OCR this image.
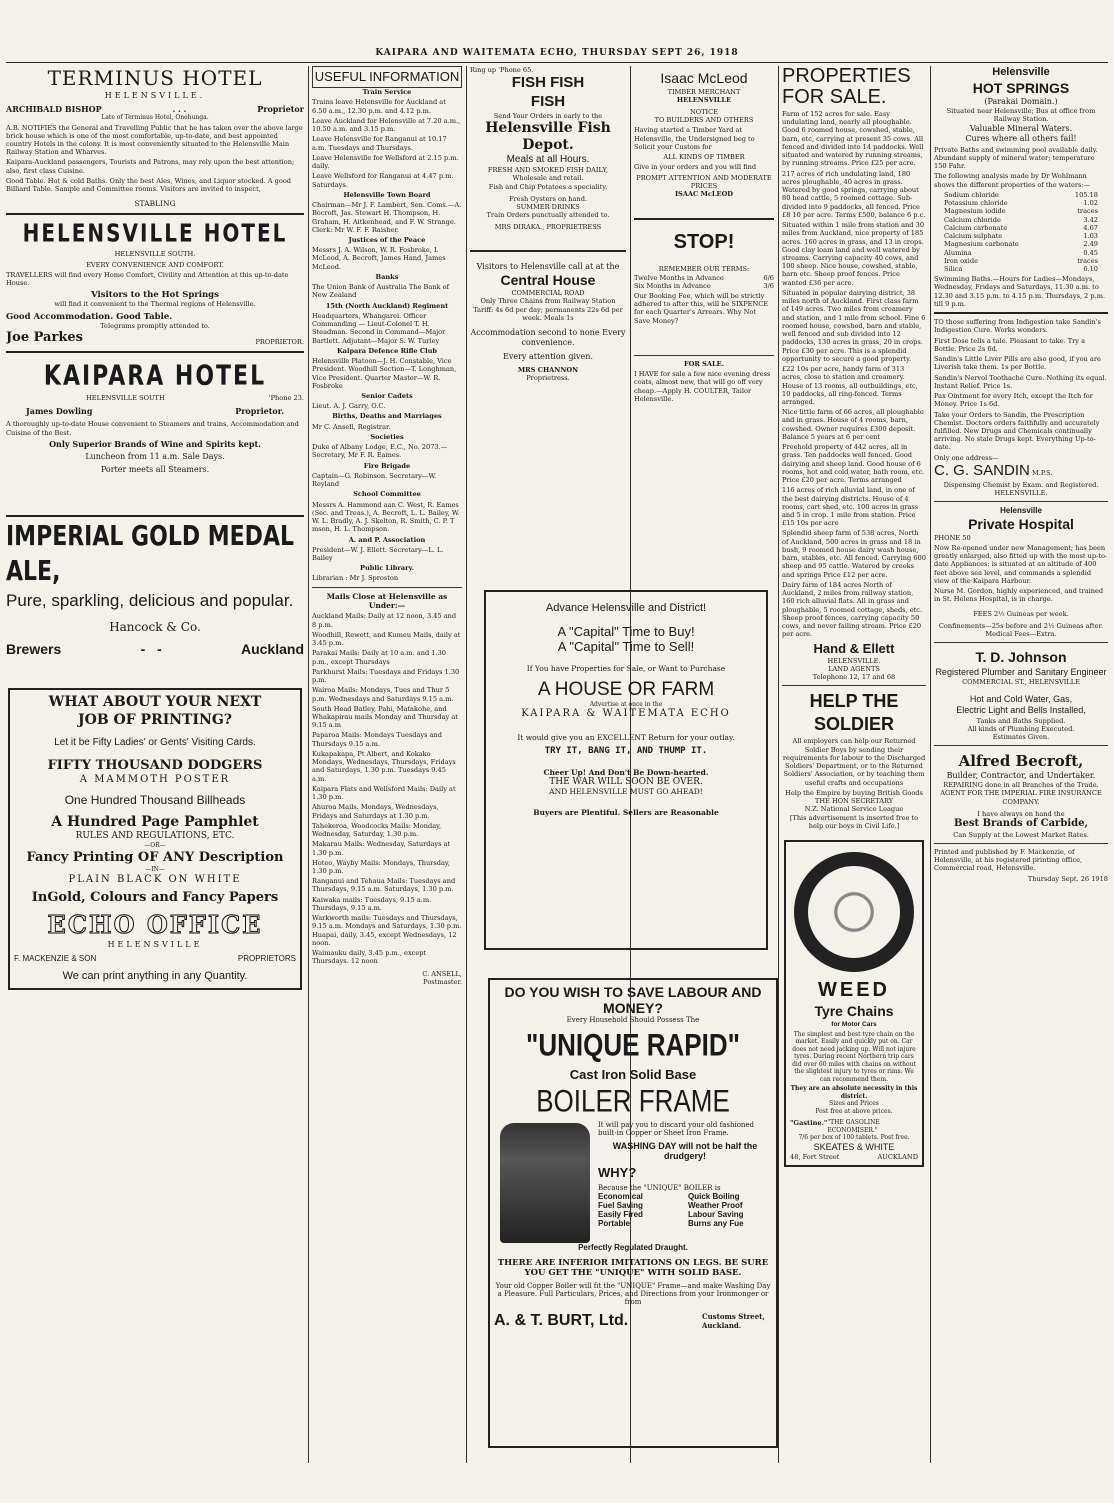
KAIPARA AND WAITEMATA ECHO, THURSDAY SEPT 26, 1918
TERMINUS HOTEL
HELENSVILLE.
ARCHIBALD BISHOP	. . .	Proprietor
Late of Terminus Hotel, Onehunga.

A.B. NOTIFIES the General and Travelling Public that he has taken over the above large brick house which is one of the most comfortable, up-to-date, and best appointed country Hotels in the colony. It is most conveniently situated to the Helensville Main Railway Station and Wharves.

Kaipara-Auckland passengers, Tourists and Patrons, may rely upon the best attention; also, first class Cuisine.

Good Table. Hot & cold Baths. Only the best Ales, Wines, and Liquor stocked. A good Billiard Table. Sample and Committee rooms. Visitors are invited to inspect,

STABLING
HELENSVILLE HOTEL
HELENSVILLE SOUTH.
EVERY CONVENIENCE AND COMFORT.

TRAVELLERS will find every Home Comfort, Civility and Attention at this up-to-date House.

Visitors to the Hot Springs
will find it convenient to the Thermal regions of Helensville.
Good Accommodation. Good Table.
Telegrams promptly attended to.
Joe Parkes	PROPRIETOR.
KAIPARA HOTEL
HELENSVILLE SOUTH	'Phone 23.
James Dowling	Proprietor.

A thoroughly up-to-date House convenient to Steamers and trains, Accommodation and Cuisine of the Best.

Only Superior Brands of Wine and Spirits kept.
Luncheon from 11 a.m. Sale Days.
Porter meets all Steamers.
IMPERIAL GOLD MEDAL ALE,
Pure, sparkling, delicious and popular.
Hancock & Co.
Brewers	-   -	Auckland
WHAT ABOUT YOUR NEXT
JOB OF PRINTING?
Let it be Fifty Ladies' or Gents' Visiting Cards.
FIFTY THOUSAND DODGERS
A MAMMOTH POSTER
One Hundred Thousand Billheads
A Hundred Page Pamphlet
RULES AND REGULATIONS, ETC.
—OR—
Fancy Printing OF ANY Description
—IN—
PLAIN BLACK ON WHITE
InGold, Colours and Fancy Papers
ECHO OFFICE
HELENSVILLE
F. MACKENZIE & SON	PROPRIETORS
We can print anything in any Quantity.
USEFUL INFORMATION
Train Service

Trains leave Helensville for Auckland at 6.50 a.m., 12.30 p.m. and 4.12 p.m.

Leave Auckland for Helensville at 7.20 a.m., 10.50 a.m. and 3.15 p.m.

Leave Helensville for Ranganui at 10.17 a.m. Tuesdays and Thursdays.

Leave Helensville for Wellsford at 2.15 p.m. daily.

Leave Wellsford for Ranganui at 4.47 p.m. Saturdays.

Helensville Town Board

Chairman—Mr J. F. Lambert, Sen. Coms.—A. Becroft, Jas. Stewart H. Thompson, H. Graham, H. Aitkenhead, and F. W. Strange. Clerk: Mr W. F. F. Raisher.

Justices of the Peace

Messrs J. A. Wilson, W. R. Fosbroke, I. McLeod, A. Becroft, James Hand, James McLeod.

Banks

The Union Bank of Australia The Bank of New Zealand

15th (North Auckland) Regiment

Headquarters, Whangarei. Officer Commanding — Lieut-Colonel T. H. Steadman. Second in Command—Major Bartlett. Adjutant—Major S. W. Turley

Kaipara Defence Rifle Club

Helensville Platoon—J. H. Constable, Vice President. Woodhill Section—T. Longhman, Vice President. Quarter Master—W. R. Fosbroke

Senior Cadets

Lieut. A. J. Garry, O.C.

Births, Deaths and Marriages

Mr C. Ansell, Registrar.

Societies

Duke of Albany Lodge, E.C., No. 2073.—Secretary, Mr F. R. Eames.

Fire Brigade

Captain—G. Robinson. Secretary—W. Reyland

School Committee

Messrs A. Hammond aan C. West, R. Eames (Sec. and Treas.), A. Becroft, L. L. Bailey, W. W. L. Bradly, A. J. Skelton, R. Smith, C. P. T mson, H. L. Thompson.

A. and P. Association

President—W. J. Ellett. Secretary—L. L. Bailey

Public Library.

Librarian : Mr J. Sproston

Mails Close at Helensville as Under:—

Auckland Mails: Daily at 12 noon, 3.45 and 8 p.m.

Woodhill, Rewett, and Kumeu Mails, daily at 3.45 p.m.

Parakai Mails: Daily at 10 a.m. and 1.30 p.m., except Thursdays

Parkhurst Mails: Tuesdays and Fridays 1.30 p.m.

Wairoa Mails: Mondays, Tues and Thur 5 p.m. Wednesdays and Saturdays 9.15 a.m.

South Head Batley, Pahi, Matakohe, and Whakapirau mails Monday and Thursday at 9.15 a.m

Paparoa Mails: Mondays Tuesdays and Thursdays 9.15 a.m.

Kukapakapa, Pt Albert, and Kokako Mondays, Wednesdays, Thursdays, Fridays and Saturdays, 1.30 p.m. Tuesdays 9.45 a.m.

Kaipara Flats and Wellsford Mails: Daily at 1.30 p.m.

Ahuroa Mails. Mondays, Wednesdays, Fridays and Saturdays at 1.30 p.m.

Tahekeroa, Woodcocks Mails: Monday, Wednesday, Saturday, 1.30 p.m.

Makarau Mails: Wednesday, Saturdays at 1.30 p.m.

Hoteo, Wayby Mails: Mondays, Thursday, 1.30 p.m.

Ranganui and Tehaua Mails: Tuesdays and Thursdays, 9.15 a.m. Saturdays, 1.30 p.m.

Kaiwaka mails: Tuesdays, 9.15 a.m. Thursdays, 9.15 a.m.

Warkworth mails: Tuesdays and Thursdays, 9.15 a.m. Mondays and Saturdays, 1.30 p.m. Huapai, daily, 3.45, except Wednesdays, 12 noon.

Waimauku daily, 3.45 p.m., except Thursdays. 12 noon

C. ANSELL,
Postmaster.
Ring up 'Phone 65.
FISH FISH
FISH
Send Your Orders in early to the
Helensville Fish Depot.
Meals at all Hours.
FRESH AND SMOKED FISH DAILY,
Wholesale and retail.
Fish and Chip Potatoes a speciality.
Fresh Oysters on hand.
SUMMER DRINKS
Train Orders punctually attended to.
MRS DIRAKA., PROPRIETRESS
Visitors to Helensville call at at the
Central House
COMMERCIAL ROAD
Only Three Chains from Railway Station
Tariff: 4s 6d per day; permanents 22s 6d per week. Meals 1s
Accommodation second to none Every convenience.
Every attention given.
MRS CHANNON
Proprietress.
Isaac McLeod
TIMBER MERCHANT
HELENSVILLE
NOTICE
TO BUILDERS AND OTHERS

Having started a Timber Yard at Helensville, the Undersigned beg to Solicit your Custom for

ALL KINDS OF TIMBER

Give in your orders and you will find

PROMPT ATTENTION AND MODERATE PRICES
ISAAC McLEOD
STOP!
REMEMBER OUR TERMS:
Twelve Months in Advance	6/6
Six Months in Advance	3/6

Our Booking Fee, which will be strictly adhered to after this, will be SIXPENCE for each Quarter's Arrears. Why Not Save Money?

FOR SALE.

I HAVE for sale a few nice evening dress coats, almost new, that will go off very cheap.—Apply H. COULTER, Tailor Helensville.

Advance Helensville and District!
A "Capital" Time to Buy!
A "Capital" Time to Sell!
If You have Properties for Sale, or Want to Purchase
A HOUSE OR FARM
Advertise at once in the
KAIPARA & WAITEMATA ECHO
It would give you an EXCELLENT Return for your outlay.
TRY IT, BANG IT, AND THUMP IT.
Cheer Up! And Don't Be Down-hearted.
THE WAR WILL SOON BE OVER.
AND HELENSVILLE MUST GO AHEAD!
Buyers are Plentiful. Sellers are Reasonable
DO YOU WISH TO SAVE LABOUR AND MONEY?
Every Household Should Possess The
"UNIQUE RAPID"
Cast Iron Solid Base
BOILER FRAME
It will pay you to discard your old fashioned built-in Copper or Sheet Iron Frame.
WASHING DAY will not be half the drudgery!
WHY?
Because the "UNIQUE" BOILER is
Economical	Quick Boiling
Fuel Saving	Weather Proof
Easily Fired	Labour Saving
Portable	Burns any Fue
Perfectly Regulated Draught.
THERE ARE INFERIOR IMITATIONS ON LEGS. BE SURE YOU GET THE "UNIQUE" WITH SOLID BASE.
Your old Copper Boiler will fit the "UNIQUE" Frame—and make Washing Day a Pleasure. Full Particulars, Prices, and Directions from your Ironmonger or from
A. & T. BURT, Ltd.	Customs Street, Auckland.
PROPERTIES FOR SALE.

Farm of 152 acres for sale. Easy undulating land, nearly all ploughable. Good 6 roomed house, cowshed, stable, barn, etc, carrying at present 35 cows. All fenced and divided into 14 paddocks. Well situated and watered by running streams, by running streams. Price £25 per acre.

217 acres of rich undulating land, 180 acres ploughable, 40 acres in grass. Watered by good springs, carrying about 80 head cattle, 5 roomed cottage. Sub-divided into 9 paddocks, all fenced. Price £8 10 per acre. Terms £500, balance 6 p.c.

Situated within 1 mile from station and 30 miles from Auckland, nice property of 185 acres. 160 acres in grass, and 13 in crops. Good clay loam land and well watered by streams. Carrying capacity 40 cows, and 100 sheep. Nice house, cowshed, stable, barn etc. Sheep proof fences. Price wanted £36 per acre.

Situated in popular dairying district, 38 miles north of Auckland. First class farm of 149 acres. Two miles from creamery and station, and 1 mile from school. Fine 6 roomed house, cowshed, barn and stable, well fenced and sub divided into 12 paddocks, 130 acres in grass, 20 in crops. Price £30 per acre. This is a splendid opportunity to secure a good property.

£22 10s per acre, handy farm of 313 acres, close to station and creamery. House of 13 rooms, all outbuildings, etc, 10 paddocks, all ring-fenced. Terms arranged.

Nice little farm of 66 acres, all ploughable and in grass. House of 4 rooms, barn, cowshed. Owner requires £300 deposit. Balance 5 years at 6 per cent

Freehold property of 442 acres, all in grass. Ten paddocks well fenced. Good dairying and sheep land. Good house of 6 rooms, hot and cold water, bath room, etc. Price £20 per acre. Terms arranged

116 acres of rich alluvial land, in one of the best dairying districts. House of 4 rooms, cart shed, etc. 100 acres in grass and 5 in crop. 1 mile from station. Price £15 10s per acre

Splendid sheep farm of 538 acres, North of Auckland, 500 acres in grass and 18 in bush, 9 roomed house dairy wash house, barn, stables, etc. All fenced. Carrying 600 sheep and 95 cattle. Watered by creeks and springs Price £12 per acre.

Dairy farm of 184 acres North of Auckland, 2 miles from railway station, 160 rich alluvial flats. All in grass and ploughable, 5 roomed cottage, sheds, etc. Sheep proof fences, carrying capacity 50 cows, and never failing stream. Price £20 per acre.

Hand & Ellett
HELENSVILLE.
LAND AGENTS
Telephone 12, 17 and 68
HELP THE
SOLDIER

All employers can help our Returned Soldier Boys by sending their requirements for labour to the Discharged Soldiers' Department, or to the Returned Soldiers' Association, or by teaching them useful crafts and occupations

Help the Empire by buying British Goods
THE HON SECRETARY
N.Z. National Service League
[This advertisement is inserted free to help our boys in Civil Life.]
WEED
Tyre Chains
for Motor Cars

The simplest and best tyre chain on the market. Easily and quickly put on. Car does not need jacking up. Will not injure tyres. During recent Northern trip cars did over 60 miles with chains on without the slightest injury to tyres or rims. We can recommend them.

They are an absolute necessity in this district.
Sizes and Prices
Post free at above prices.
"Gastine." "THE GASOLINE ECONOMISER."
7/6 per box of 100 tablets. Post free.
SKEATES & WHITE
48, Fort Street	AUCKLAND
Helensville
HOT SPRINGS
(Parakai Domain.)
Situated near Helensville; Bus at office from Railway Station.
Valuable Mineral Waters.
Cures where all others fail!

Private Baths and swimming pool available daily. Abundant supply of mineral water; temperature 150 Fahr.

The following analysis made by Dr Wohlmann shows the different properties of the waters:—

Sodium chloride	105.18
Potassium chloride	1.02
Magnesium iodide	traces
Calcium chloride	3.42
Calcium carbonate	4.67
Calcium sulphate	1.03
Magnesium carbonate	2.49
Alumina	0.45
Iron oxide	traces
Silica	6.10

Swimming Baths.—Hours for Ladies—Mondays, Wednesday, Fridays and Saturdays, 11.30 a.m. to 12.30 and 3.15 p.m. to 4.15 p.m. Thursdays, 2 p.m. till 9 p.m.

TO those suffering from Indigestion take Sandin's Indigestion Cure. Works wonders.

First Dose tells a tale. Pleasant to take. Try a Bottle. Price 2s 6d.

Sandin's Little Liver Pills are also good, if you are Liverish take them. 1s per Bottle.

Sandin's Nervol Toothache Cure. Nothing its equal. Instant Relief. Price 1s.

Pax Ointment for every Itch, except the Itch for Money. Price 1s 6d.

Take your Orders to Sandin, the Prescription Chemist. Doctors orders faithfully and accurately fulfilled. New Drugs and Chemicals continually arriving. No stale Drugs kept. Everything Up-to-date.

Only one address—
C. G. SANDIN M.P.S.
Dispensing Chemist by Exam. and Registered.
HELENSVILLE.
Helensville
Private Hospital
PHONE 50

Now Re-opened under new Management; has been greatly enlarged, also fitted up with the most up-to-date Appliances; is situated at an altitude of 400 feet above sea level, and commands a splendid view of the Kaipara Harbour.

Nurse M. Gordon, highly experienced, and trained in St. Helens Hospital, is in charge.

FEES 2½ Guineas per week.
Confinements—25s before and 2½ Guineas after.
Medical Fees—Extra.
T. D. Johnson
Registered Plumber and Sanitary Engineer
COMMERCIAL ST., HELENSVILLE
Hot and Cold Water, Gas,
Electric Light and Bells Installed,
Tanks and Baths Supplied.
All kinds of Plumbing Executed.
Estimates Given.
Alfred Becroft,
Builder, Contractor, and Undertaker.
REPAIRING done in all Branches of the Trade.
AGENT FOR THE IMPERIAL FIRE INSURANCE COMPANY.
I have always on hand the
Best Brands of Carbide,
Can Supply at the Lowest Market Rates.

Printed and published by F. Mackenzie, of Helensville, at his registered printing office, Commercial road, Helensville.

Thursday Sept. 26 1918
